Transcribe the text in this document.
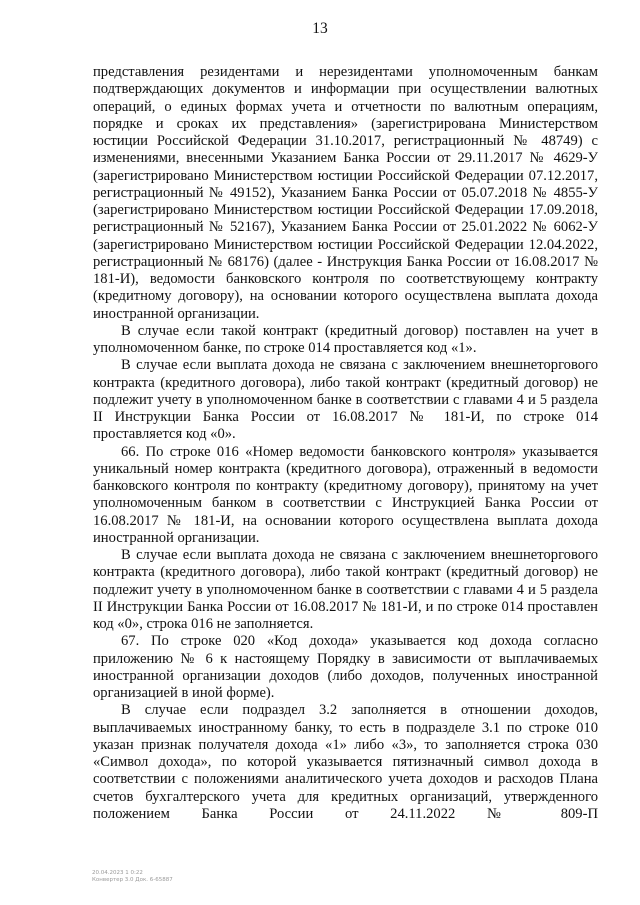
13

представления резидентами и нерезидентами уполномоченным банкам подтверждающих документов и информации при осуществлении валютных операций, о единых формах учета и отчетности по валютным операциям, порядке и сроках их представления» (зарегистрирована Министерством юстиции Российской Федерации 31.10.2017, регистрационный № 48749) с изменениями, внесенными Указанием Банка России от 29.11.2017 № 4629-У (зарегистрировано Министерством юстиции Российской Федерации 07.12.2017, регистрационный № 49152), Указанием Банка России от 05.07.2018 № 4855-У (зарегистрировано Министерством юстиции Российской Федерации 17.09.2018, регистрационный № 52167), Указанием Банка России от 25.01.2022 № 6062-У (зарегистрировано Министерством юстиции Российской Федерации 12.04.2022, регистрационный № 68176) (далее - Инструкция Банка России от 16.08.2017 № 181-И), ведомости банковского контроля по соответствующему контракту (кредитному договору), на основании которого осуществлена выплата дохода иностранной организации.

В случае если такой контракт (кредитный договор) поставлен на учет в уполномоченном банке, по строке 014 проставляется код «1».

В случае если выплата дохода не связана с заключением внешнеторгового контракта (кредитного договора), либо такой контракт (кредитный договор) не подлежит учету в уполномоченном банке в соответствии с главами 4 и 5 раздела II Инструкции Банка России от 16.08.2017 № 181-И, по строке 014 проставляется код «0».

66. По строке 016 «Номер ведомости банковского контроля» указывается уникальный номер контракта (кредитного договора), отраженный в ведомости банковского контроля по контракту (кредитному договору), принятому на учет уполномоченным банком в соответствии с Инструкцией Банка России от 16.08.2017 № 181-И, на основании которого осуществлена выплата дохода иностранной организации.

В случае если выплата дохода не связана с заключением внешнеторгового контракта (кредитного договора), либо такой контракт (кредитный договор) не подлежит учету в уполномоченном банке в соответствии с главами 4 и 5 раздела II Инструкции Банка России от 16.08.2017 № 181-И, и по строке 014 проставлен код «0», строка 016 не заполняется.

67. По строке 020 «Код дохода» указывается код дохода согласно приложению № 6 к настоящему Порядку в зависимости от выплачиваемых иностранной организации доходов (либо доходов, полученных иностранной организацией в иной форме).

В случае если подраздел 3.2 заполняется в отношении доходов, выплачиваемых иностранному банку, то есть в подразделе 3.1 по строке 010 указан признак получателя дохода «1» либо «3», то заполняется строка 030 «Символ дохода», по которой указывается пятизначный символ дохода в соответствии с положениями аналитического учета доходов и расходов Плана счетов бухгалтерского учета для кредитных организаций, утвержденного положением Банка России от 24.11.2022 № 809-П

20.04.2023 1 0:22
Конвертер 3.0 Док. 6-65887
